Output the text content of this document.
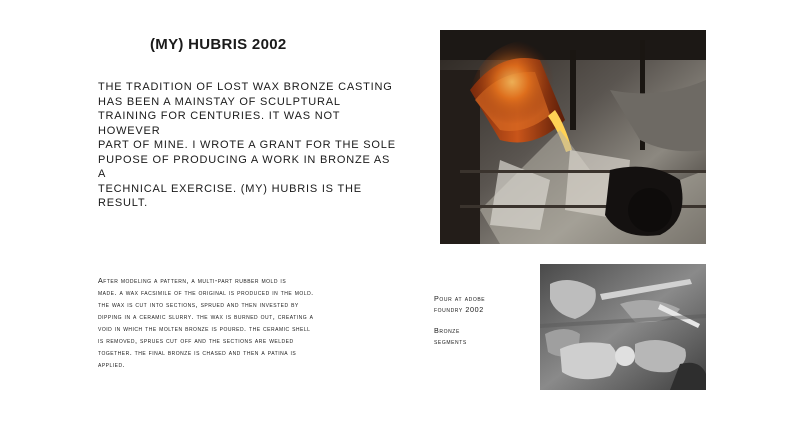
(MY) HUBRIS 2002
THE TRADITION OF LOST WAX BRONZE CASTING
HAS BEEN A MAINSTAY OF SCULPTURAL
TRAINING FOR CENTURIES. IT WAS NOT HOWEVER
PART OF MINE. I WROTE A GRANT FOR THE SOLE
PUPOSE OF PRODUCING A WORK IN BRONZE AS A
TECHNICAL EXERCISE. (MY) HUBRIS IS THE
RESULT.
After modeling a pattern, a multi-part rubber mold is
made. a wax facsimile of the original is produced in the mold.
the wax is cut into sections, sprued and then invested by
dipping in a ceramic slurry. the wax is burned out, creating a
void in which the molten bronze is poured. the ceramic shell
is removed, sprues cut off and the sections are welded
together. the final bronze is chased and then a patina is
applied.
Pour at adobe
foundry 2002
Bronze
segments
